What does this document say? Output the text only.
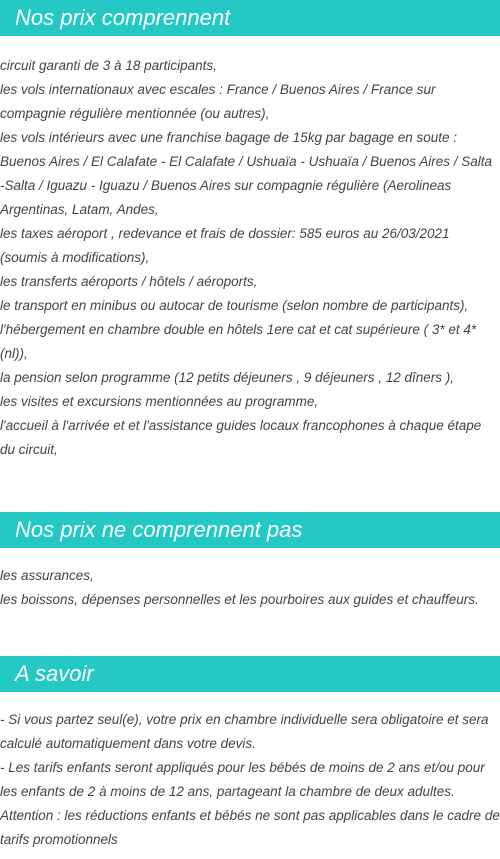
Nos prix comprennent

circuit garanti de 3 à 18 participants,

les vols internationaux avec escales : France / Buenos Aires / France sur compagnie régulière mentionnée (ou autres),

les vols intérieurs avec une franchise bagage de 15kg par bagage en soute : Buenos Aires / El Calafate - El Calafate / Ushuaïa - Ushuaïa / Buenos Aires / Salta -Salta / Iguazu - Iguazu / Buenos Aires sur compagnie régulière (Aerolineas Argentinas, Latam, Andes,

les taxes aéroport , redevance et frais de dossier: 585 euros au 26/03/2021 (soumis à modifications),

les transferts aéroports / hôtels / aéroports,

le transport en minibus ou autocar de tourisme (selon nombre de participants),

l'hébergement en chambre double en hôtels 1ere cat et cat supérieure ( 3* et 4*(nl)),

la pension selon programme (12 petits déjeuners , 9 déjeuners , 12 dîners ),

les visites et excursions mentionnées au programme,

l'accueil à l'arrivée et et l'assistance guides locaux francophones à chaque étape du circuit,

Nos prix ne comprennent pas

les assurances,

les boissons, dépenses personnelles et les pourboires aux guides et chauffeurs.

A savoir

- Si vous partez seul(e), votre prix en chambre individuelle sera obligatoire et sera calculé automatiquement dans votre devis.

- Les tarifs enfants seront appliqués pour les bébés de moins de 2 ans et/ou pour les enfants de 2 à moins de 12 ans, partageant la chambre de deux adultes. Attention : les réductions enfants et bébés ne sont pas applicables dans le cadre de tarifs promotionnels
